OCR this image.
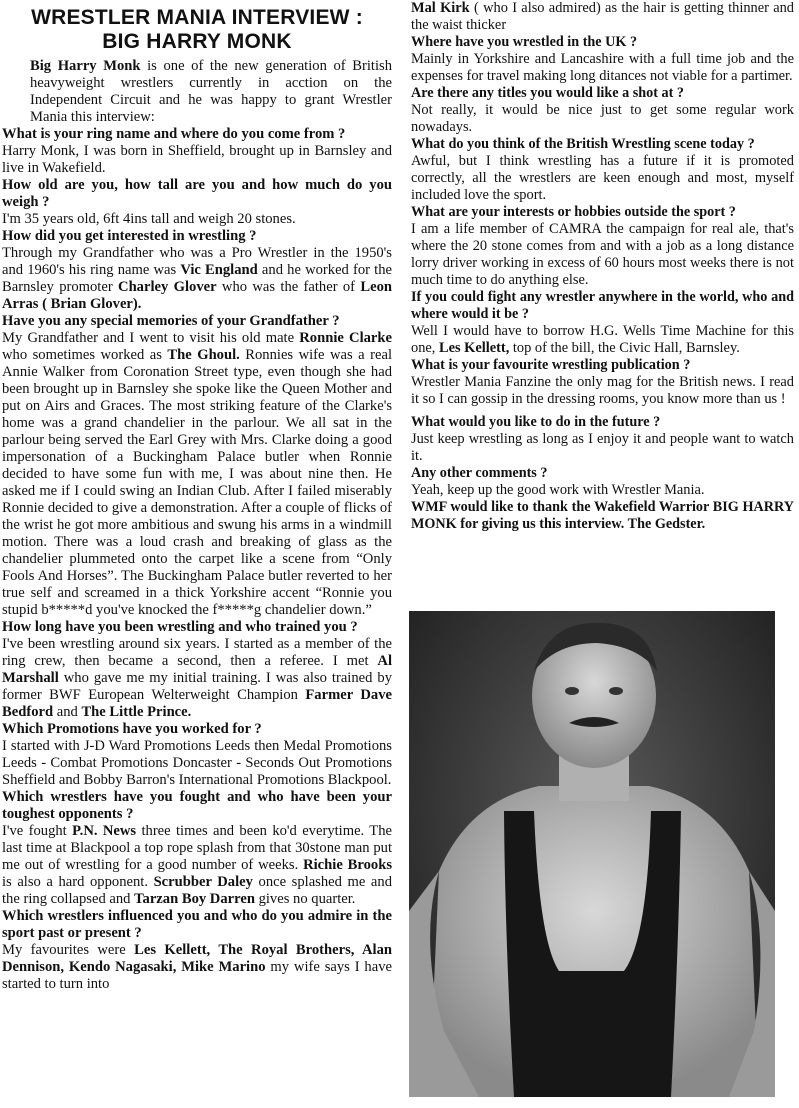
WRESTLER MANIA INTERVIEW :
BIG HARRY MONK

Big Harry Monk is one of the new generation of British heavyweight wrestlers currently in acction on the Independent Circuit and he was happy to grant Wrestler Mania this interview:

What is your ring name and where do you come from ?

Harry Monk, I was born in Sheffield, brought up in Barnsley and live in Wakefield.

How old are you, how tall are you and how much do you weigh ?

I'm 35 years old, 6ft 4ins tall and weigh 20 stones.

How did you get interested in wrestling ?

Through my Grandfather who was a Pro Wrestler in the 1950's and 1960's his ring name was Vic England and he worked for the Barnsley promoter Charley Glover who was the father of Leon Arras ( Brian Glover).

Have you any special memories of your Grandfather ?

My Grandfather and I went to visit his old mate Ronnie Clarke who sometimes worked as The Ghoul. Ronnies wife was a real Annie Walker from Coronation Street type, even though she had been brought up in Barnsley she spoke like the Queen Mother and put on Airs and Graces. The most striking feature of the Clarke's home was a grand chandelier in the parlour. We all sat in the parlour being served the Earl Grey with Mrs. Clarke doing a good impersonation of a Buckingham Palace butler when Ronnie decided to have some fun with me, I was about nine then. He asked me if I could swing an Indian Club. After I failed miserably Ronnie decided to give a demonstration. After a couple of flicks of the wrist he got more ambitious and swung his arms in a windmill motion. There was a loud crash and breaking of glass as the chandelier plummeted onto the carpet like a scene from “Only Fools And Horses”. The Buckingham Palace butler reverted to her true self and screamed in a thick Yorkshire accent “Ronnie you stupid b*****d you've knocked the f*****g chandelier down.”

How long have you been wrestling and who trained you ?

I've been wrestling around six years. I started as a member of the ring crew, then became a second, then a referee. I met Al Marshall who gave me my initial training. I was also trained by former BWF European Welterweight Champion Farmer Dave Bedford and The Little Prince.

Which Promotions have you worked for ?

I started with J-D Ward Promotions Leeds then Medal Promotions Leeds - Combat Promotions Doncaster - Seconds Out Promotions Sheffield and Bobby Barron's International Promotions Blackpool.

Which wrestlers have you fought and who have been your toughest opponents ?

I've fought P.N. News three times and been ko'd everytime. The last time at Blackpool a top rope splash from that 30stone man put me out of wrestling for a good number of weeks. Richie Brooks is also a hard opponent. Scrubber Daley once splashed me and the ring collapsed and Tarzan Boy Darren gives no quarter.

Which wrestlers influenced you and who do you admire in the sport past or present ?

My favourites were Les Kellett, The Royal Brothers, Alan Dennison, Kendo Nagasaki, Mike Marino my wife says I have started to turn into

Mal Kirk ( who I also admired) as the hair is getting thinner and the waist thicker

Where have you wrestled in the UK ?

Mainly in Yorkshire and Lancashire with a full time job and the expenses for travel making long ditances not viable for a partimer.

Are there any titles you would like a shot at ?

Not really, it would be nice just to get some regular work nowadays.

What do you think of the British Wrestling scene today ?

Awful, but I think wrestling has a future if it is promoted correctly, all the wrestlers are keen enough and most, myself included love the sport.

What are your interests or hobbies outside the sport ?

I am a life member of CAMRA the campaign for real ale, that's where the 20 stone comes from and with a job as a long distance lorry driver working in excess of 60 hours most weeks there is not much time to do anything else.

If you could fight any wrestler anywhere in the world, who and where would it be ?

Well I would have to borrow H.G. Wells Time Machine for this one, Les Kellett, top of the bill, the Civic Hall, Barnsley.

What is your favourite wrestling publication ?

Wrestler Mania Fanzine the only mag for the British news. I read it so I can gossip in the dressing rooms, you know more than us !

What would you like to do in the future ?

Just keep wrestling as long as I enjoy it and people want to watch it.

Any other comments ?

Yeah, keep up the good work with Wrestler Mania.

WMF would like to thank the Wakefield Warrior BIG HARRY MONK for giving us this interview. The Gedster.
